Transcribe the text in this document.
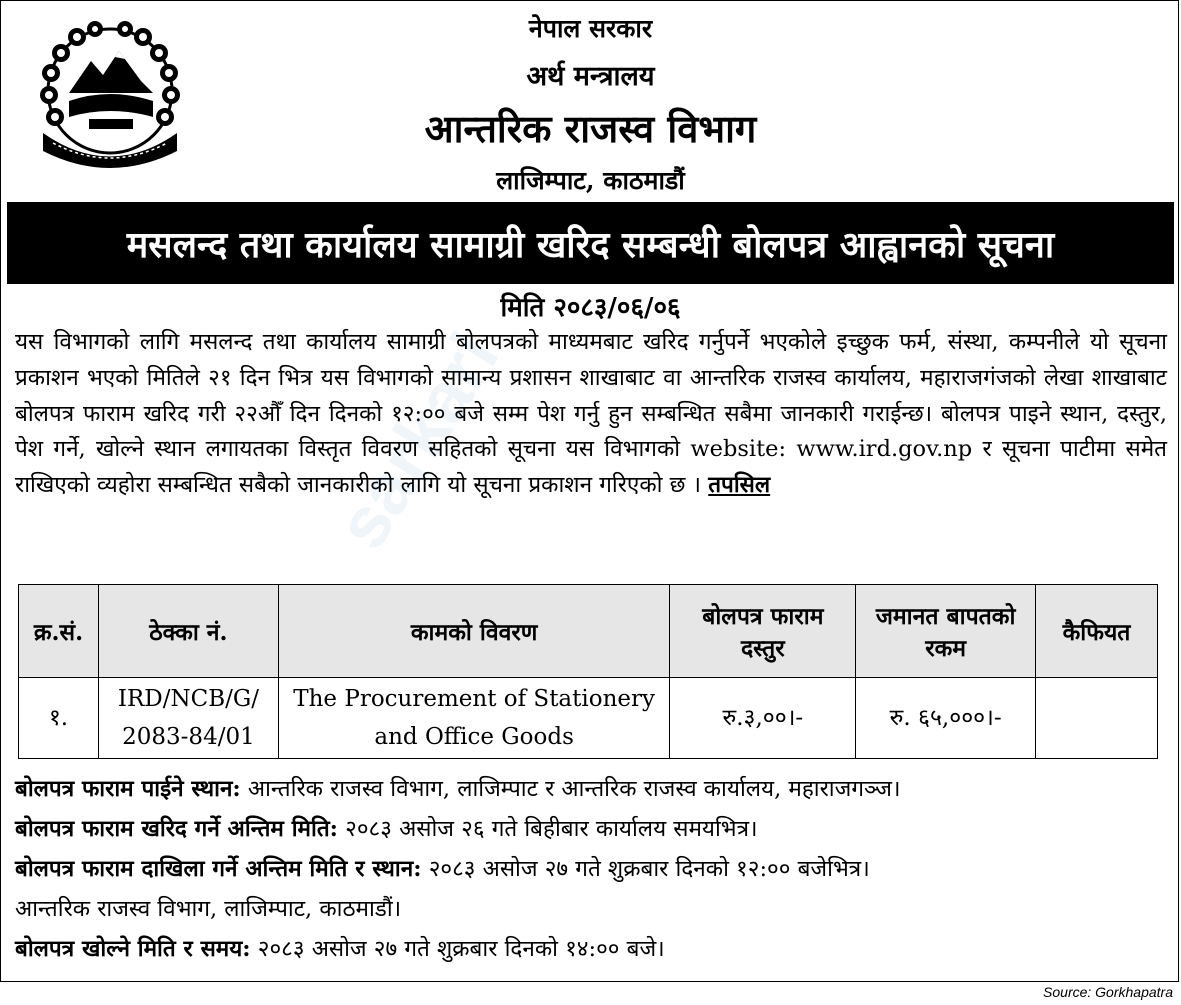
नेपाल सरकार
अर्थ मन्त्रालय
आन्तरिक राजस्व विभाग
लाजिम्पाट, काठमाडौं
मसलन्द तथा कार्यालय सामाग्री खरिद सम्बन्धी बोलपत्र आह्वानको सूचना
मिति २०८३/०६/०६
यस विभागको लागि मसलन्द तथा कार्यालय सामाग्री बोलपत्रको माध्यमबाट खरिद गर्नुपर्ने भएकोले इच्छुक फर्म, संस्था, कम्पनीले यो सूचना प्रकाशन भएको मितिले २१ दिन भित्र यस विभागको सामान्य प्रशासन शाखाबाट वा आन्तरिक राजस्व कार्यालय, महाराजगंजको लेखा शाखाबाट बोलपत्र फाराम खरिद गरी २२औँ दिन दिनको १२:०० बजे सम्म पेश गर्नु हुन सम्बन्धित सबैमा जानकारी गराईन्छ। बोलपत्र पाइने स्थान, दस्तुर, पेश गर्ने, खोल्ने स्थान लगायतका विस्तृत विवरण सहितको सूचना यस विभागको website: www.ird.gov.np र सूचना पाटीमा समेत राखिएको व्यहोरा सम्बन्धित सबैको जानकारीको लागि यो सूचना प्रकाशन गरिएको छ । तपसिल
क्र.सं.	ठेक्का नं.	कामको विवरण	बोलपत्र फाराम दस्तुर	जमानत बापतको रकम	कैफियत
१.	IRD/NCB/G/ 2083-84/01	The Procurement of Stationery and Office Goods	रु.३,००।-	रु. ६५,०००।-	
बोलपत्र फाराम पाईने स्थान: आन्तरिक राजस्व विभाग, लाजिम्पाट र आन्तरिक राजस्व कार्यालय, महाराजगञ्ज।
बोलपत्र फाराम खरिद गर्ने अन्तिम मिति: २०८३ असोज २६ गते बिहीबार कार्यालय समयभित्र।
बोलपत्र फाराम दाखिला गर्ने अन्तिम मिति र स्थान: २०८३ असोज २७ गते शुक्रबार दिनको १२:०० बजेभित्र।
आन्तरिक राजस्व विभाग, लाजिम्पाट, काठमाडौं।
बोलपत्र खोल्ने मिति र समय: २०८३ असोज २७ गते शुक्रबार दिनको १४:०० बजे।
sarkari
Source: Gorkhapatra
